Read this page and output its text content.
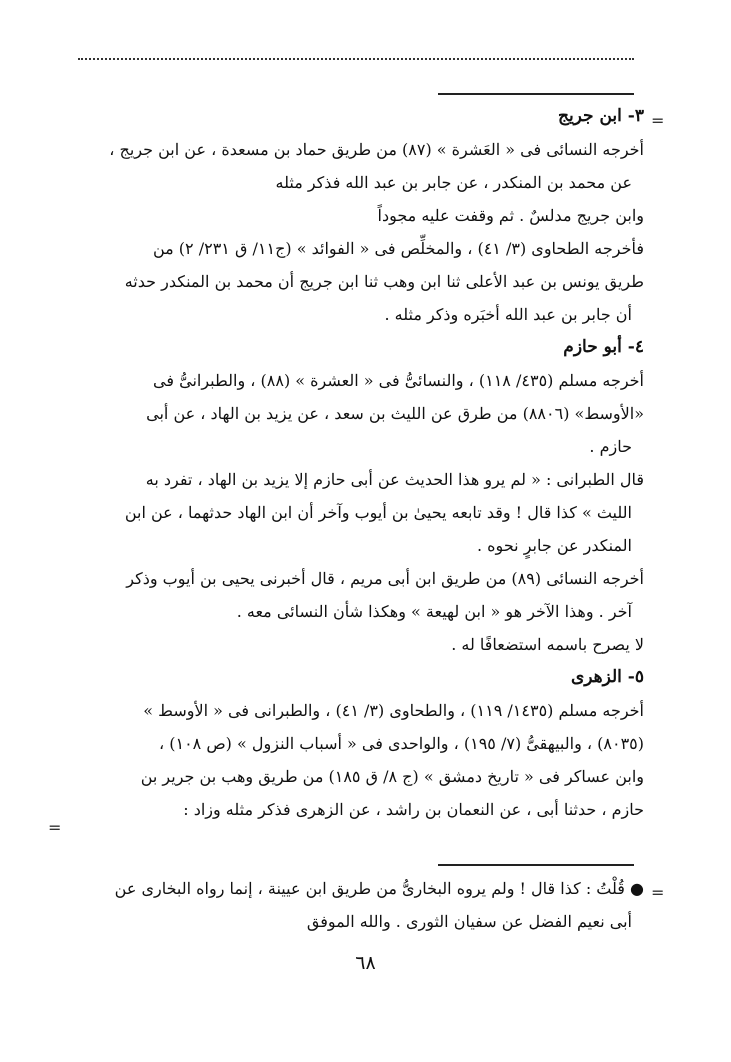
=
=
=
٣- ابن جريج
أخرجه النسائى فى « العَشرة » (٨٧) من طريق حماد بن مسعدة ، عن ابن جريج ،
عن محمد بن المنكدر ، عن جابر بن عبد الله فذكر مثله
وابن جريج مدلسٌ . ثم وقفت عليه مجوداً
فأخرجه الطحاوى (٣/ ٤١) ، والمخلِّص فى « الفوائد » (ج١١/ ق ٢٣١/ ٢) من
طريق يونس بن عبد الأعلى ثنا ابن وهب ثنا ابن جريج أن محمد بن المنكدر حدثه
أن جابر بن عبد الله أخبَره وذكر مثله .
٤- أبو حازم
أخرجه مسلم (٤٣٥/ ١١٨) ، والنسائىُّ فى « العشرة » (٨٨) ، والطبرانىُّ فى
«الأوسط» (٨٨٠٦) من طرق عن الليث بن سعد ، عن يزيد بن الهاد ، عن أبى
حازم .
قال الطبرانى : « لم يرو هذا الحديث عن أبى حازم إلا يزيد بن الهاد ، تفرد به
الليث » كذا قال ! وقد تابعه يحيىٰ بن أيوب وآخر أن ابن الهاد حدثهما ، عن ابن
المنكدر عن جابرٍ نحوه .
أخرجه النسائى (٨٩) من طريق ابن أبى مريم ، قال أخبرنى يحيى بن أيوب وذكر
آخر . وهذا الآخر هو « ابن لهيعة » وهكذا شأن النسائى معه .
لا يصرح باسمه استضعافًا له .
٥- الزهرى
أخرجه مسلم (١٤٣٥/ ١١٩) ، والطحاوى (٣/ ٤١) ، والطبرانى فى « الأوسط »
(٨٠٣٥) ، والبيهقىُّ (٧/ ١٩٥) ، والواحدى فى « أسباب النزول » (ص ١٠٨) ،
وابن عساكر فى « تاريخ دمشق » (ج ٨/ ق ١٨٥) من طريق وهب بن جرير بن
حازم ، حدثنا أبى ، عن النعمان بن راشد ، عن الزهرى فذكر مثله وزاد :
● قُلْتُ : كذا قال ! ولم يروه البخارىُّ من طريق ابن عيينة ، إنما رواه البخارى عن
أبى نعيم الفضل عن سفيان الثورى . والله الموفق
٦٨
